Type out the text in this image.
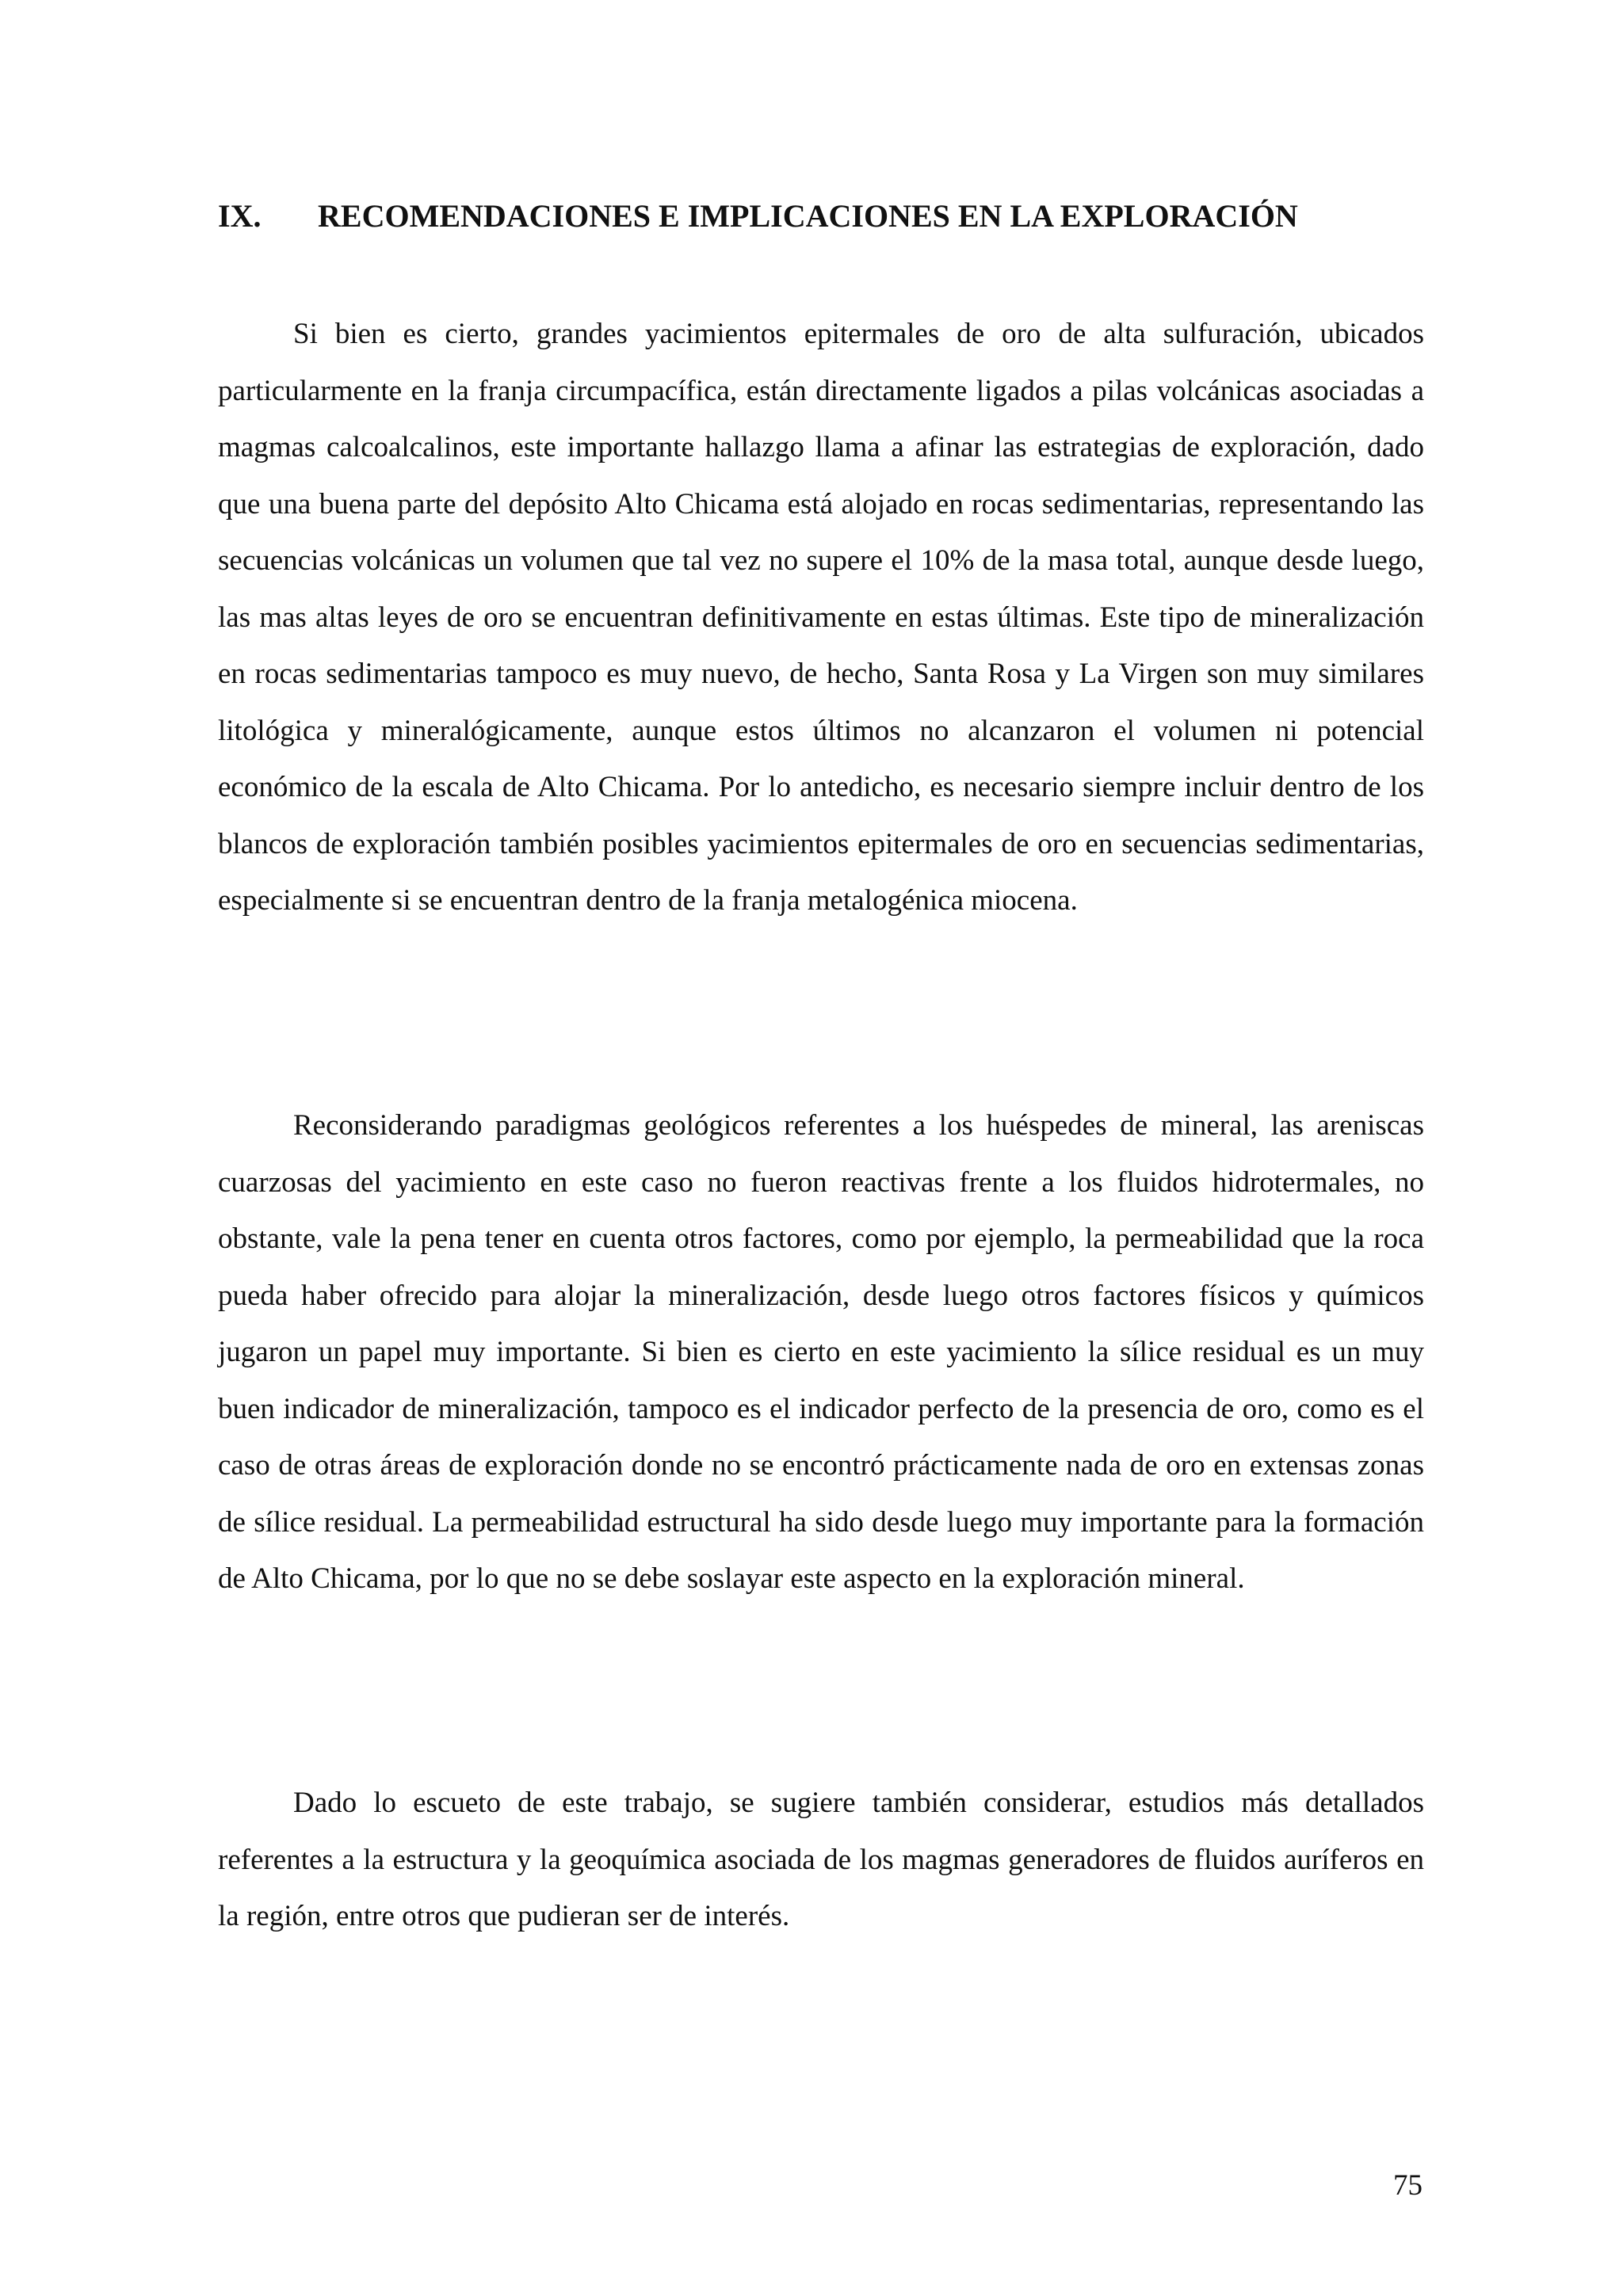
IX. RECOMENDACIONES E IMPLICACIONES EN LA EXPLORACIÓN

Si bien es cierto, grandes yacimientos epitermales de oro de alta sulfuración, ubicados particularmente en la franja circumpacífica, están directamente ligados a pilas volcánicas asociadas a magmas calcoalcalinos, este importante hallazgo llama a afinar las estrategias de exploración, dado que una buena parte del depósito Alto Chicama está alojado en rocas sedimentarias, representando las secuencias volcánicas un volumen que tal vez no supere el 10% de la masa total, aunque desde luego, las mas altas leyes de oro se encuentran definitivamente en estas últimas. Este tipo de mineralización en rocas sedimentarias tampoco es muy nuevo, de hecho, Santa Rosa y La Virgen son muy similares litológica y mineralógicamente, aunque estos últimos no alcanzaron el volumen ni potencial económico de la escala de Alto Chicama. Por lo antedicho, es necesario siempre incluir dentro de los blancos de exploración también posibles yacimientos epitermales de oro en secuencias sedimentarias, especialmente si se encuentran dentro de la franja metalogénica miocena.

Reconsiderando paradigmas geológicos referentes a los huéspedes de mineral, las areniscas cuarzosas del yacimiento en este caso no fueron reactivas frente a los fluidos hidrotermales, no obstante, vale la pena tener en cuenta otros factores, como por ejemplo, la permeabilidad que la roca pueda haber ofrecido para alojar la mineralización, desde luego otros factores físicos y químicos jugaron un papel muy importante. Si bien es cierto en este yacimiento la sílice residual es un muy buen indicador de mineralización, tampoco es el indicador perfecto de la presencia de oro, como es el caso de otras áreas de exploración donde no se encontró prácticamente nada de oro en extensas zonas de sílice residual. La permeabilidad estructural ha sido desde luego muy importante para la formación de Alto Chicama, por lo que no se debe soslayar este aspecto en la exploración mineral.

Dado lo escueto de este trabajo, se sugiere también considerar, estudios más detallados referentes a la estructura y la geoquímica asociada de los magmas generadores de fluidos auríferos en la región, entre otros que pudieran ser de interés.

75
